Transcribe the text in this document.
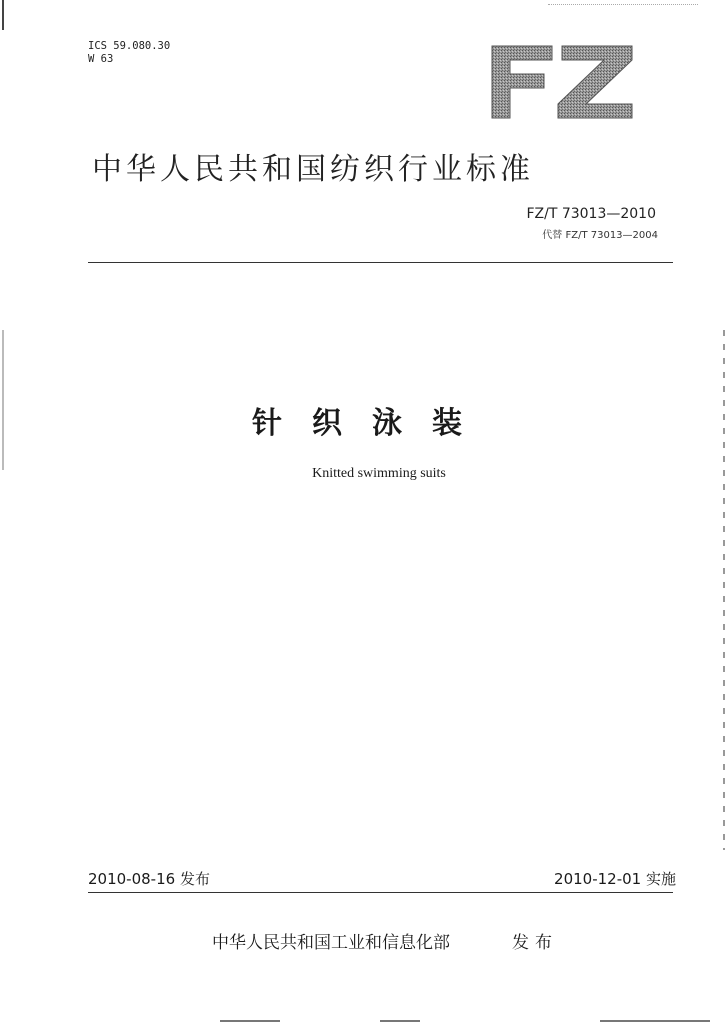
ICS 59.080.30
W 63
FZ
中华人民共和国纺织行业标准
FZ/T 73013—2010
代替 FZ/T 73013—2004
针织泳装
Knitted swimming suits
2010-08-16 发布	2010-12-01 实施
中华人民共和国工业和信息化部	发布
